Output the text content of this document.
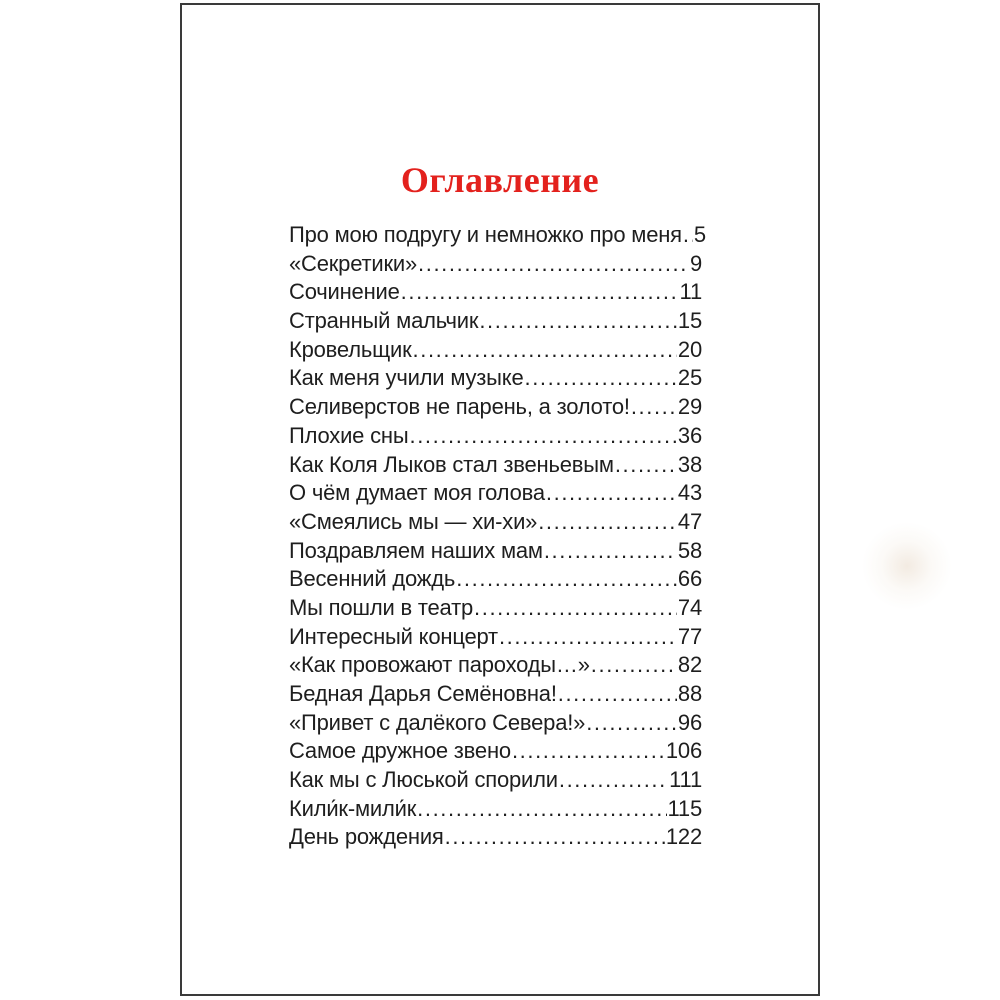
Оглавление
Про мою подругу и немножко про меня ..... 5
«Секретики» .....	9
Сочинение .....	11
Странный мальчик .....	15
Кровельщик .....	20
Как меня учили музыке .....	25
Селиверстов не парень, а золото! ..... 29
Плохие сны .....	36
Как Коля Лыков стал звеньевым .....	38
О чём думает моя голова .....	43
«Смеялись мы — хи-хи» .....	47
Поздравляем наших мам .....	58
Весенний дождь .....	66
Мы пошли в театр .....	74
Интересный концерт .....	77
«Как провожают пароходы…» .....	82
Бедная Дарья Семёновна! .....	88
«Привет с далёкого Севера!» .....	96
Самое дружное звено .....	106
Как мы с Люськой спорили .....	111
Кили́к-мили́к .....	115
День рождения .....	122
